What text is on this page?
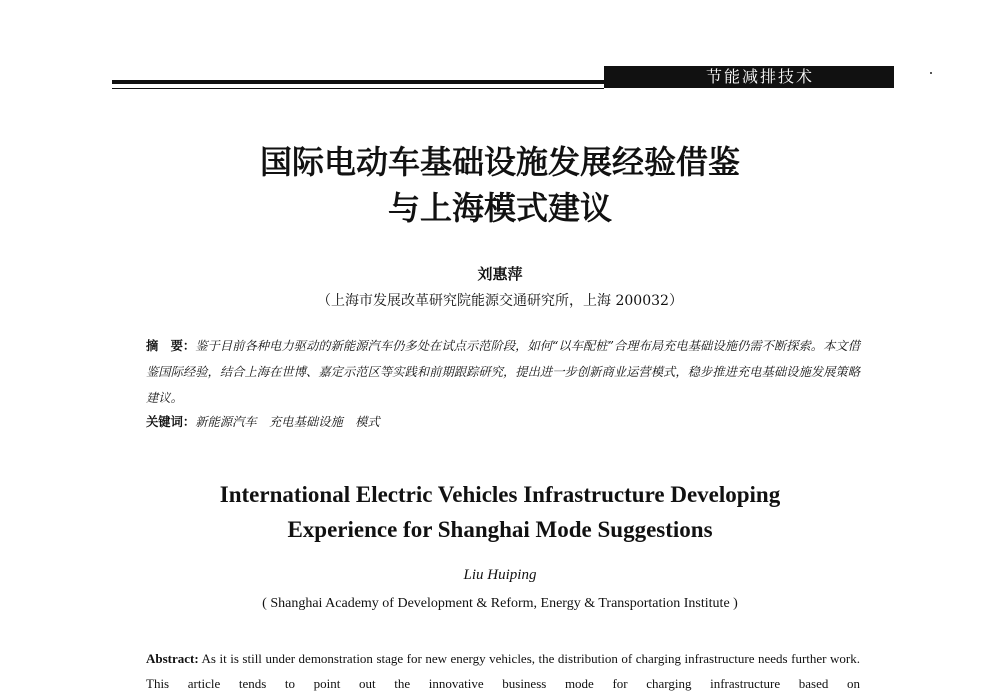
节能减排技术
国际电动车基础设施发展经验借鉴
与上海模式建议
刘惠萍
（上海市发展改革研究院能源交通研究所，上海 200032）
摘　要：鉴于目前各种电力驱动的新能源汽车仍多处在试点示范阶段，如何“以车配桩”合理布局充电基础设施仍需不断探索。本文借鉴国际经验，结合上海在世博、嘉定示范区等实践和前期跟踪研究，提出进一步创新商业运营模式，稳步推进充电基础设施发展策略建议。
关键词：新能源汽车　充电基础设施　模式
International Electric Vehicles Infrastructure Developing
Experience for Shanghai Mode Suggestions
Liu Huiping
( Shanghai Academy of Development & Reform, Energy & Transportation Institute )
Abstract: As it is still under demonstration stage for new energy vehicles, the distribution of charging infrastructure needs further work. This article tends to point out the innovative business mode for charging infrastructure based on
